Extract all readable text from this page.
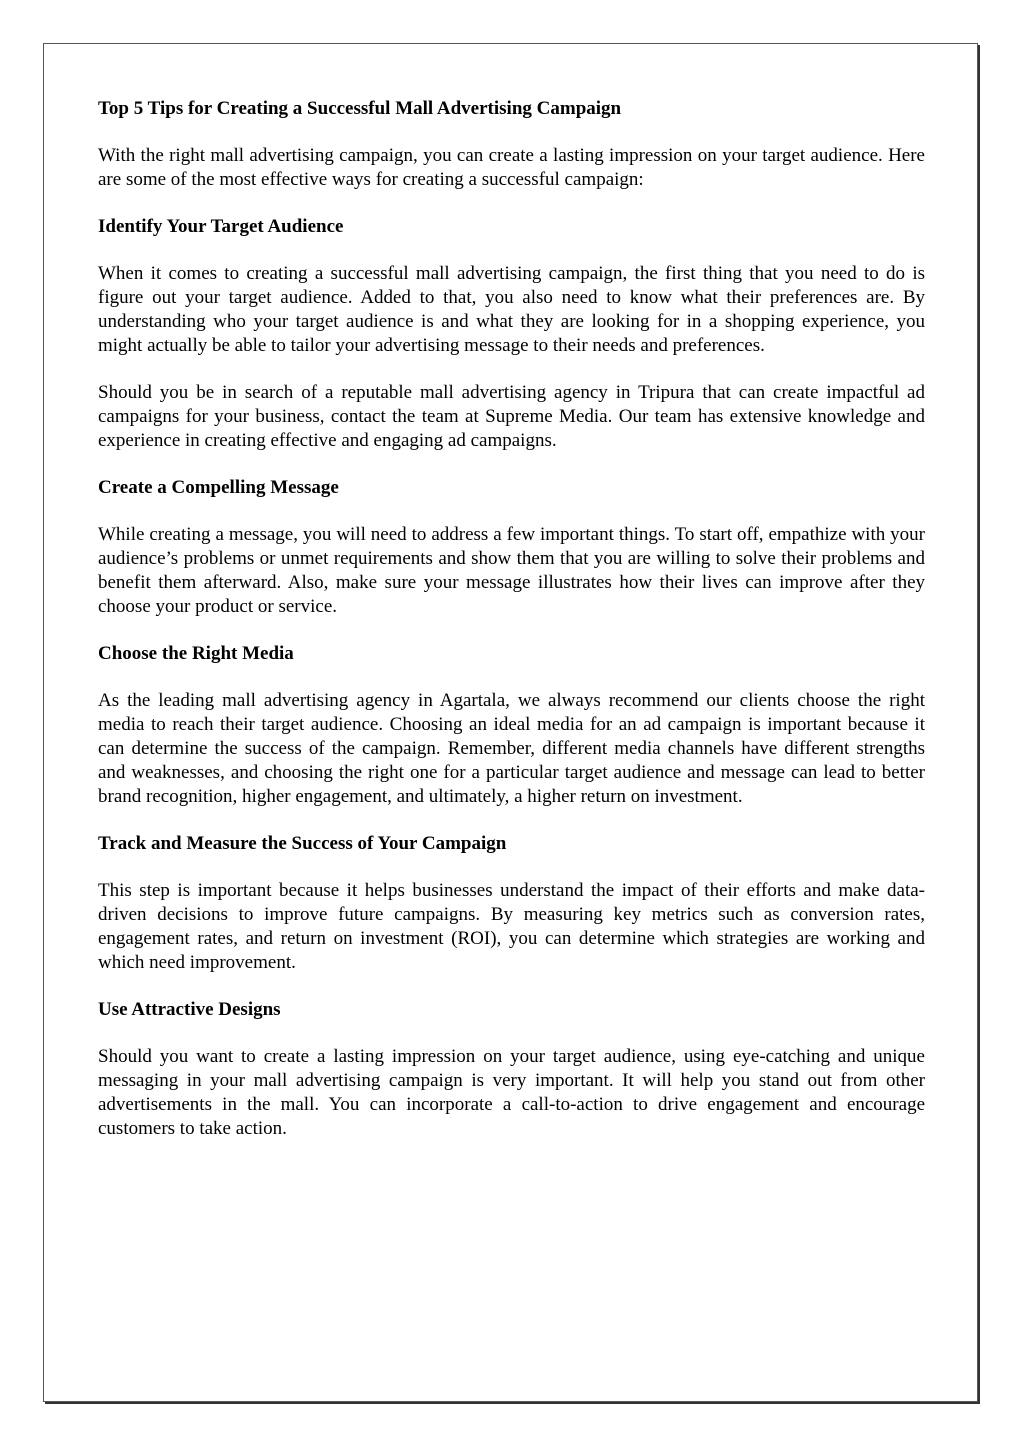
Top 5 Tips for Creating a Successful Mall Advertising Campaign

With the right mall advertising campaign, you can create a lasting impression on your target audience. Here are some of the most effective ways for creating a successful campaign:

Identify Your Target Audience

When it comes to creating a successful mall advertising campaign, the first thing that you need to do is figure out your target audience. Added to that, you also need to know what their preferences are. By understanding who your target audience is and what they are looking for in a shopping experience, you might actually be able to tailor your advertising message to their needs and preferences.

Should you be in search of a reputable mall advertising agency in Tripura that can create impactful ad campaigns for your business, contact the team at Supreme Media. Our team has extensive knowledge and experience in creating effective and engaging ad campaigns.

Create a Compelling Message

While creating a message, you will need to address a few important things. To start off, empathize with your audience’s problems or unmet requirements and show them that you are willing to solve their problems and benefit them afterward. Also, make sure your message illustrates how their lives can improve after they choose your product or service.

Choose the Right Media

As the leading mall advertising agency in Agartala, we always recommend our clients choose the right media to reach their target audience. Choosing an ideal media for an ad campaign is important because it can determine the success of the campaign. Remember, different media channels have different strengths and weaknesses, and choosing the right one for a particular target audience and message can lead to better brand recognition, higher engagement, and ultimately, a higher return on investment.

Track and Measure the Success of Your Campaign

This step is important because it helps businesses understand the impact of their efforts and make data-driven decisions to improve future campaigns. By measuring key metrics such as conversion rates, engagement rates, and return on investment (ROI), you can determine which strategies are working and which need improvement.

Use Attractive Designs

Should you want to create a lasting impression on your target audience, using eye-catching and unique messaging in your mall advertising campaign is very important. It will help you stand out from other advertisements in the mall. You can incorporate a call-to-action to drive engagement and encourage customers to take action.
